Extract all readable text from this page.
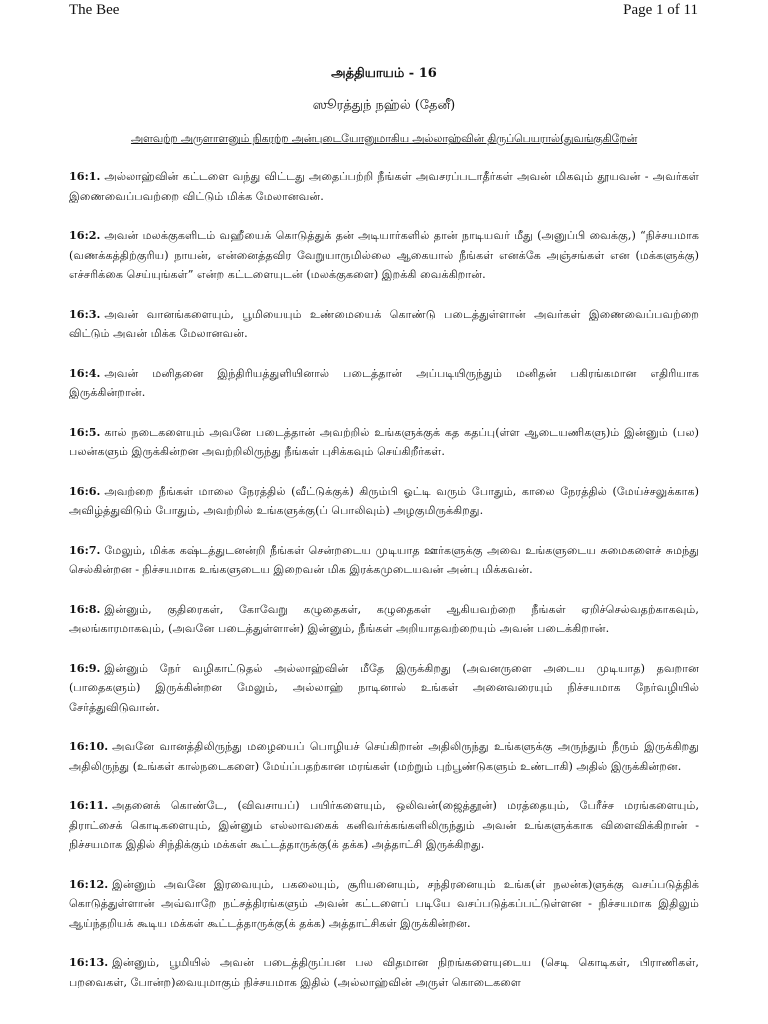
The Bee	Page 1 of 11
அத்தியாயம் - 16
ஸூரத்துந் நஹ்ல் (தேனீ)
அளவற்ற அருளாளனும் நிகரற்ற அன்புடையோனுமாகிய அல்லாஹ்வின் திருப்பெயரால்(துவங்குகிறேன்
16:1. அல்லாஹ்வின் கட்டளை வந்து விட்டது அதைப்பற்றி நீங்கள் அவசரப்படாதீர்கள் அவன் மிகவும் தூயவன் - அவர்கள் இணைவைப்பவற்றை விட்டும் மிக்க மேலானவன்.
16:2. அவன் மலக்குகளிடம் வஹீயைக் கொடுத்துக் தன் அடியார்களில் தான் நாடியவர் மீது (அனுப்பி வைக்கு,) “நிச்சயமாக (வணக்கத்திற்குரிய) நாயன், என்னைத்தவிர வேறுயாருமில்லை ஆகையால் நீங்கள் எனக்கே அஞ்சங்கள் என (மக்களுக்கு) எச்சரிக்கை செய்யுங்கள்” என்ற கட்டளையுடன் (மலக்குகளை) இறக்கி வைக்கிறான்.
16:3. அவன் வானங்களையும், பூமியையும் உண்மையைக் கொண்டு படைத்துள்ளான் அவர்கள் இணைவைப்பவற்றை விட்டும் அவன் மிக்க மேலானவன்.
16:4. அவன் மனிதனை இந்திரியத்துளியினால் படைத்தான் அப்படியிருந்தும் மனிதன் பகிரங்கமான எதிரியாக இருக்கின்றான்.
16:5. கால் நடைகளையும் அவனே படைத்தான் அவற்றில் உங்களுக்குக் கத கதப்பு(ள்ள ஆடையணிகளு)ம் இன்னும் (பல) பலன்களும் இருக்கின்றன அவற்றிலிருந்து நீங்கள் புசிக்கவும் செய்கிறீர்கள்.
16:6. அவற்றை நீங்கள் மாலை நேரத்தில் (வீட்டுக்குக்) கிரும்பி ஓட்டி வரும் போதும், காலை நேரத்தில் (மேய்ச்சலுக்காக) அவிழ்த்துவிடும் போதும், அவற்றில் உங்களுக்கு(ப் பொலிவும்) அழகுமிருக்கிறது.
16:7. மேலும், மிக்க கஷ்டத்துடனன்றி நீங்கள் சென்றடைய முடியாத ஊர்களுக்கு அவை உங்களுடைய சுமைகளைச் சுமந்து செல்கின்றன - நிச்சயமாக உங்களுடைய இறைவன் மிக இரக்கமுடையவன் அன்பு மிக்கவன்.
16:8. இன்னும், குதிரைகள், கோவேறு கழுதைகள், கழுதைகள் ஆகியவற்றை நீங்கள் ஏறிச்செல்வதற்காகவும், அலங்காரமாகவும், (அவனே படைத்துள்ளான்) இன்னும், நீங்கள் அறியாதவற்றையும் அவன் படைக்கிறான்.
16:9. இன்னும் நேர் வழிகாட்டுதல் அல்லாஹ்வின் மீதே இருக்கிறது (அவனருளை அடைய முடியாத) தவறான (பாதைகளும்) இருக்கின்றன மேலும், அல்லாஹ் நாடினால் உங்கள் அனைவரையும் நிச்சயமாக நேர்வழியில் சேர்த்துவிடுவான்.
16:10. அவனே வானத்திலிருந்து மழையைப் பொழியச் செய்கிறான் அதிலிருந்து உங்களுக்கு அருந்தும் நீரும் இருக்கிறது அதிலிருந்து (உங்கள் கால்நடைகளை) மேய்ப்பதற்கான மரங்கள் (மற்றும் புற்பூண்டுகளும் உண்டாகி) அதில் இருக்கின்றன.
16:11. அதனைக் கொண்டே, (விவசாயப்) பயிர்களையும், ஒலிவன்(ஜைத்தூன்) மரத்தையும், பேரீச்ச மரங்களையும், திராட்சைக் கொடிகளையும், இன்னும் எல்லாவகைக் கனிவர்க்கங்களிலிருந்தும் அவன் உங்களுக்காக விளைவிக்கிறான் - நிச்சயமாக இதில் சிந்திக்கும் மக்கள் கூட்டத்தாருக்கு(க் தக்க) அத்தாட்சி இருக்கிறது.
16:12. இன்னும் அவனே இரவையும், பகலையும், சூரியனையும், சந்திரனையும் உங்க(ள் நலன்க)ளுக்கு வசப்படுத்திக் கொடுத்துள்ளான் அவ்வாறே நட்சத்திரங்களும் அவன் கட்டளைப் படியே வசப்படுத்கப்பட்டுள்ளன - நிச்சயமாக இதிலும் ஆய்ந்தறியக் கூடிய மக்கள் கூட்டத்தாருக்கு(க் தக்க) அத்தாட்சிகள் இருக்கின்றன.
16:13. இன்னும், பூமியில் அவன் படைத்திருப்பன பல விதமான நிறங்களையுடைய (செடி கொடிகள், பிராணிகள், பறவைகள், போன்ற)வையுமாகும் நிச்சயமாக இதில் (அல்லாஹ்வின் அருள் கொடைகளை
